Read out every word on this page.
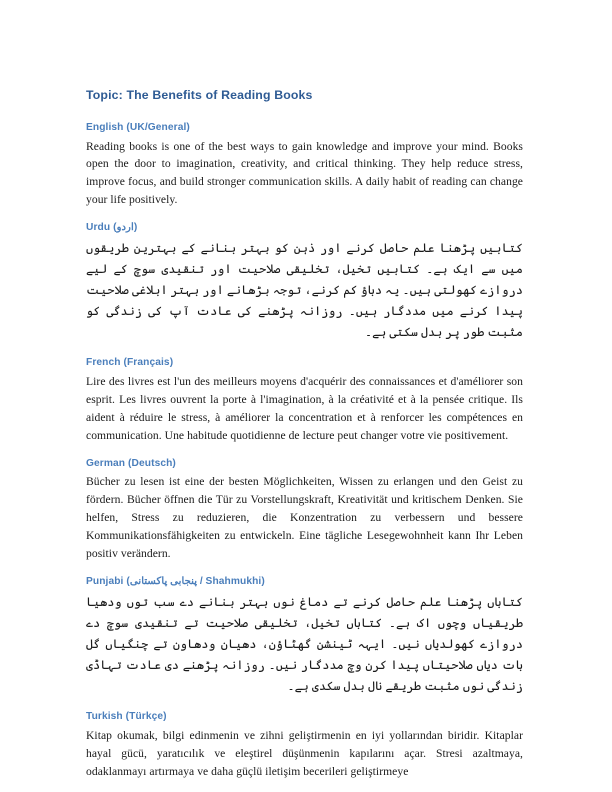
Topic: The Benefits of Reading Books
English (UK/General)

Reading books is one of the best ways to gain knowledge and improve your mind. Books open the door to imagination, creativity, and critical thinking. They help reduce stress, improve focus, and build stronger communication skills. A daily habit of reading can change your life positively.

Urdu (اردو)

کتابیں پڑھنا علم حاصل کرنے اور ذہن کو بہتر بنانے کے بہترین طریقوں میں سے ایک ہے۔ کتابیں تخیل، تخلیقی صلاحیت اور تنقیدی سوچ کے لیے دروازے کھولتی ہیں۔ یہ دباؤ کم کرنے، توجہ بڑھانے اور بہتر ابلاغی صلاحیت پیدا کرنے میں مددگار ہیں۔ روزانہ پڑھنے کی عادت آپ کی زندگی کو مثبت طور پر بدل سکتی ہے۔

French (Français)

Lire des livres est l'un des meilleurs moyens d'acquérir des connaissances et d'améliorer son esprit. Les livres ouvrent la porte à l'imagination, à la créativité et à la pensée critique. Ils aident à réduire le stress, à améliorer la concentration et à renforcer les compétences en communication. Une habitude quotidienne de lecture peut changer votre vie positivement.

German (Deutsch)

Bücher zu lesen ist eine der besten Möglichkeiten, Wissen zu erlangen und den Geist zu fördern. Bücher öffnen die Tür zu Vorstellungskraft, Kreativität und kritischem Denken. Sie helfen, Stress zu reduzieren, die Konzentration zu verbessern und bessere Kommunikationsfähigkeiten zu entwickeln. Eine tägliche Lesegewohnheit kann Ihr Leben positiv verändern.

Punjabi (پنجابی پاکستانی / Shahmukhi)

کتاباں پڑھنا علم حاصل کرنے تے دماغ نوں بہتر بنانے دے سب توں ودھیا طریقیاں وچوں اک ہے۔ کتاباں تخیل، تخلیقی صلاحیت تے تنقیدی سوچ دے دروازے کھولدیاں نیں۔ ایہہ ٹینشن گھٹاؤن، دھیان ودھاون تے چنگیاں گل بات دیاں صلاحیتاں پیدا کرن وچ مددگار نیں۔ روزانہ پڑھنے دی عادت تہاڈی زندگی نوں مثبت طریقے نال بدل سکدی ہے۔

Turkish (Türkçe)

Kitap okumak, bilgi edinmenin ve zihni geliştirmenin en iyi yollarından biridir. Kitaplar hayal gücü, yaratıcılık ve eleştirel düşünmenin kapılarını açar. Stresi azaltmaya, odaklanmayı artırmaya ve daha güçlü iletişim becerileri geliştirmeye
